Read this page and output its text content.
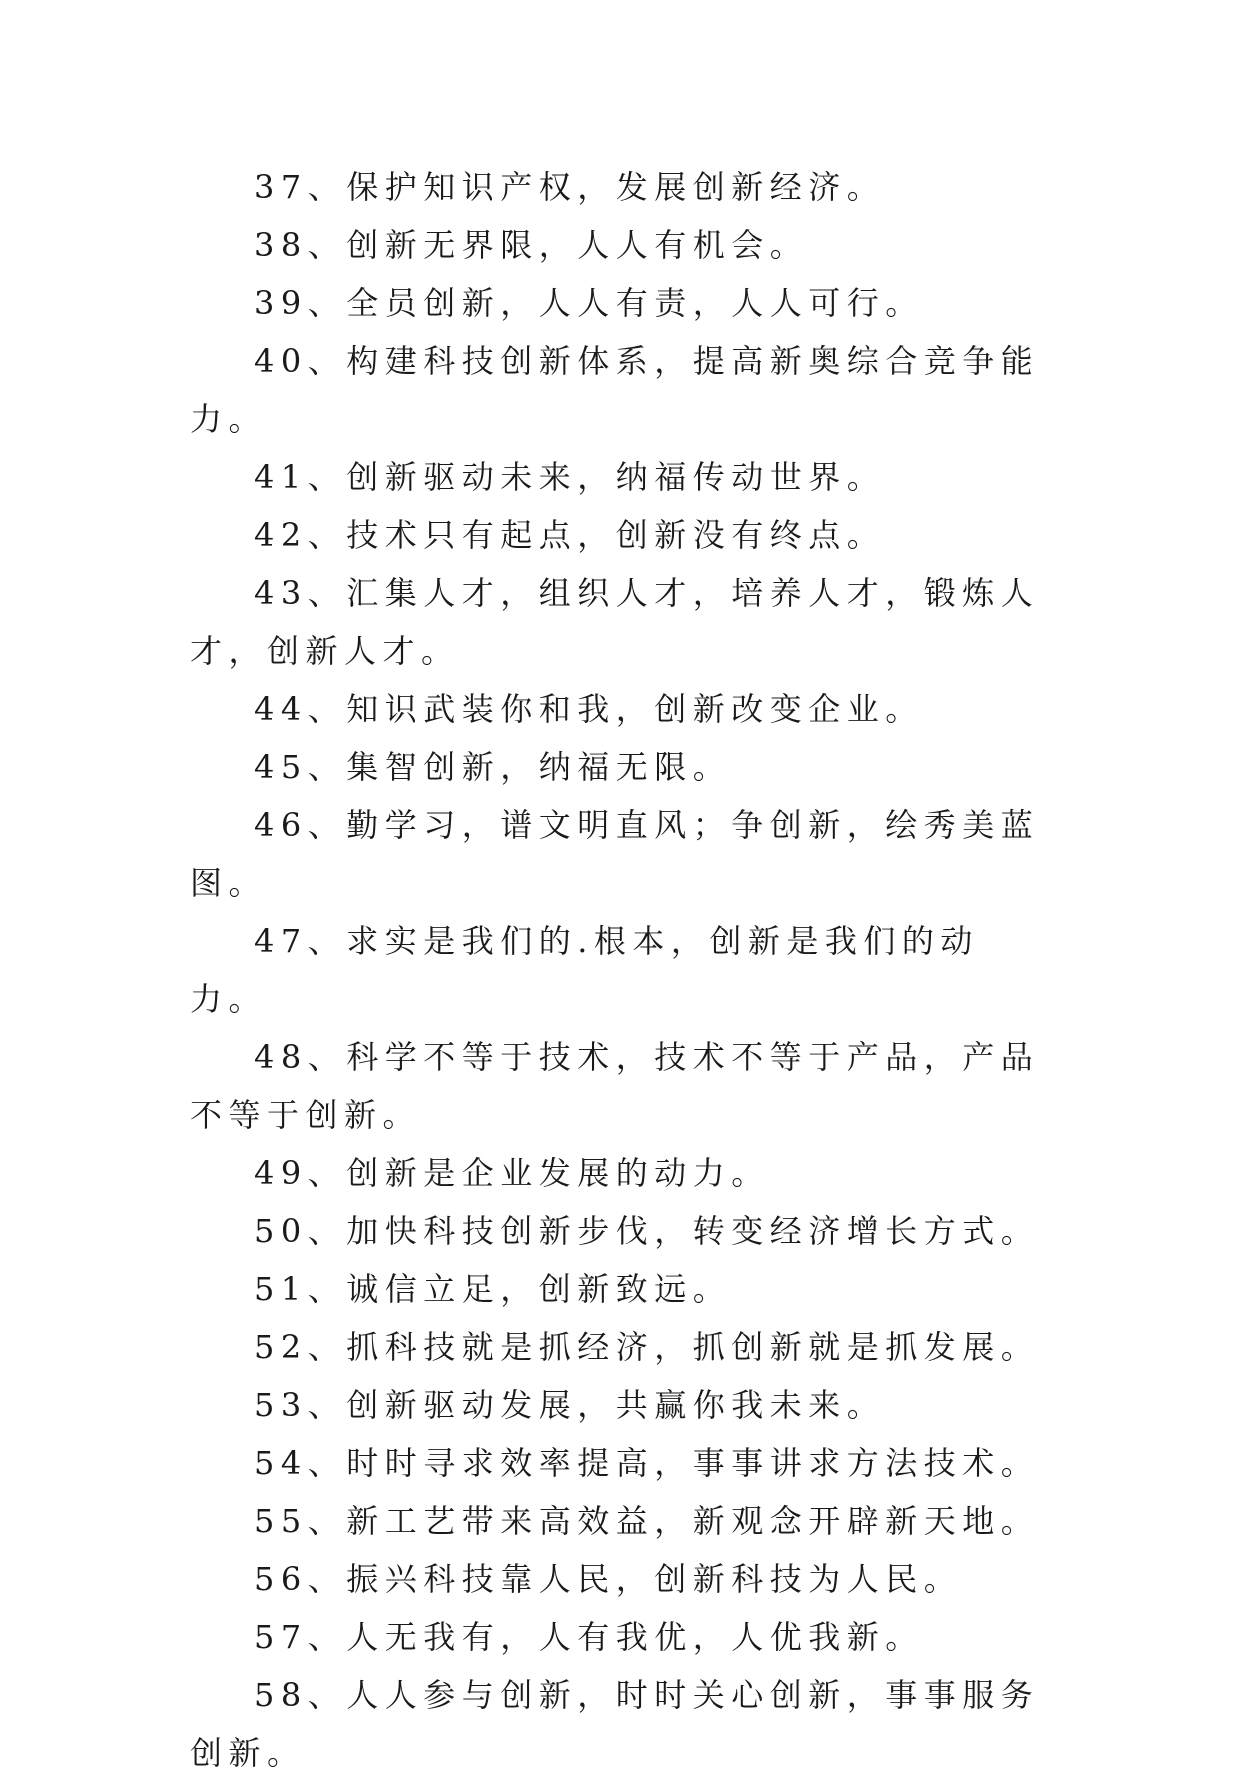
37、保护知识产权，发展创新经济。

38、创新无界限，人人有机会。

39、全员创新，人人有责，人人可行。

40、构建科技创新体系，提高新奥综合竞争能力。

41、创新驱动未来，纳福传动世界。

42、技术只有起点，创新没有终点。

43、汇集人才，组织人才，培养人才，锻炼人才，创新人才。

44、知识武装你和我，创新改变企业。

45、集智创新，纳福无限。

46、勤学习，谱文明直风；争创新，绘秀美蓝图。

47、求实是我们的.根本，创新是我们的动力。

48、科学不等于技术，技术不等于产品，产品不等于创新。

49、创新是企业发展的动力。

50、加快科技创新步伐，转变经济增长方式。

51、诚信立足，创新致远。

52、抓科技就是抓经济，抓创新就是抓发展。

53、创新驱动发展，共赢你我未来。

54、时时寻求效率提高，事事讲求方法技术。

55、新工艺带来高效益，新观念开辟新天地。

56、振兴科技靠人民，创新科技为人民。

57、人无我有，人有我优，人优我新。

58、人人参与创新，时时关心创新，事事服务创新。
